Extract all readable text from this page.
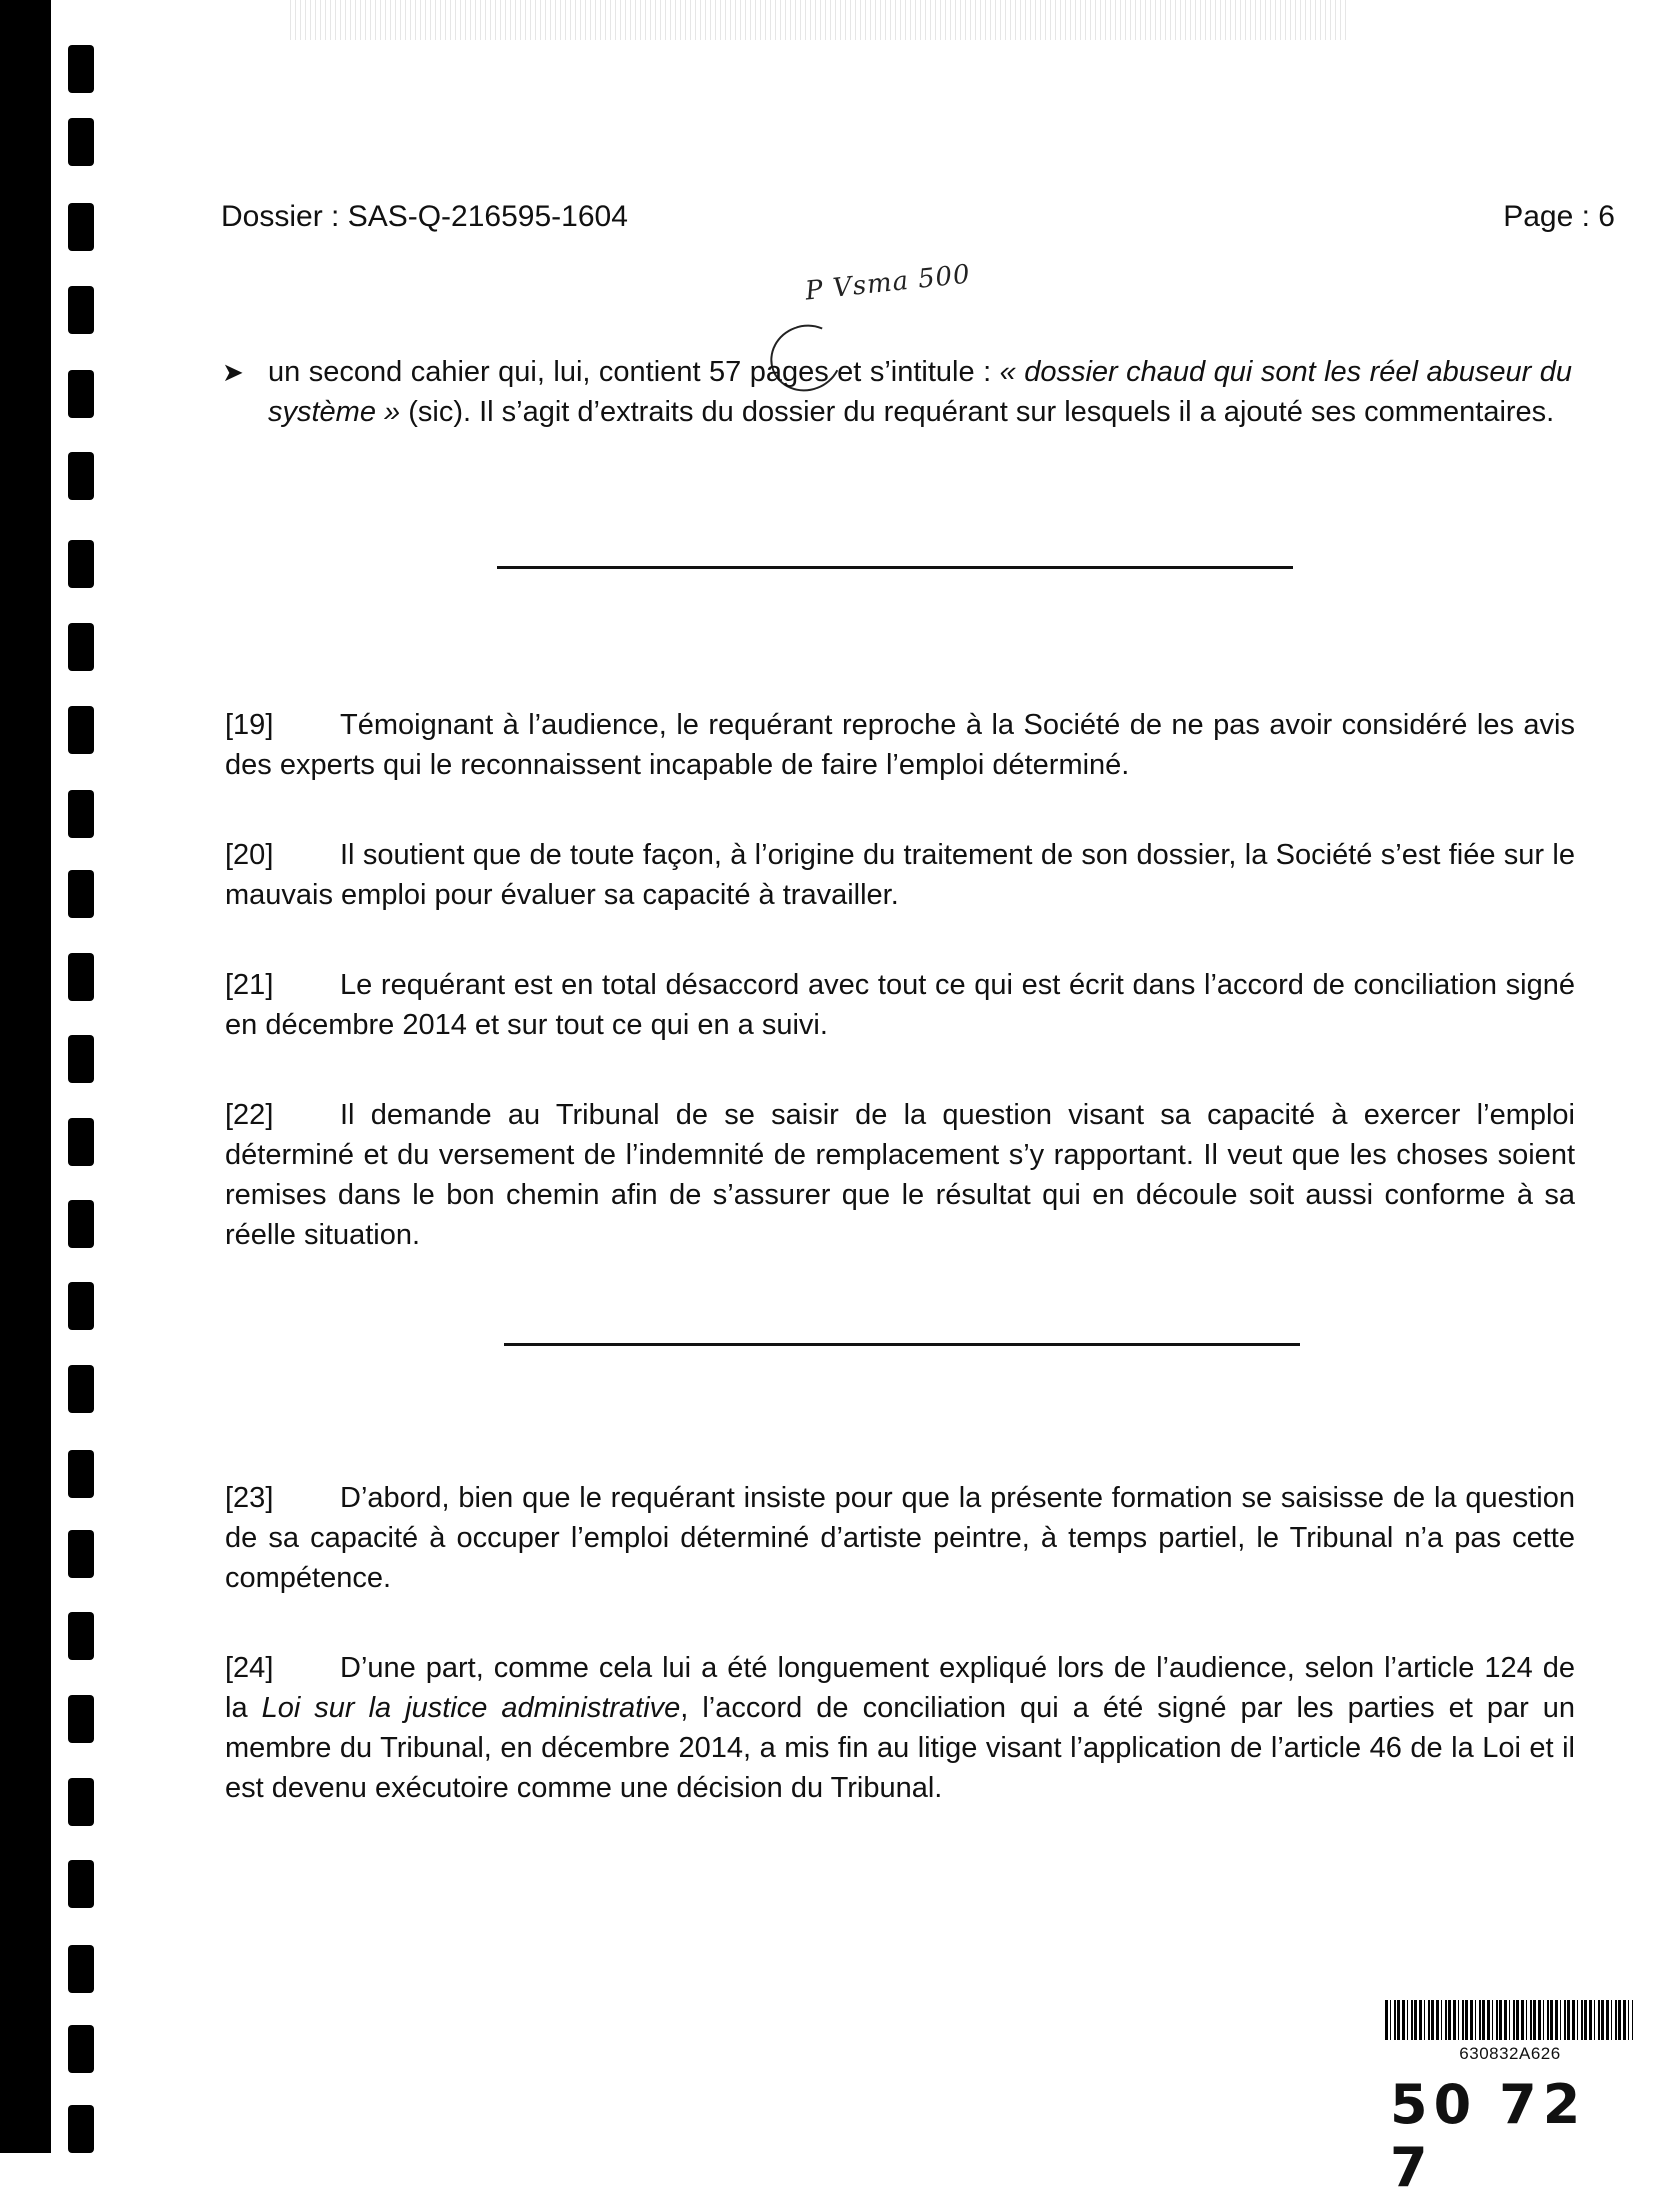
Dossier : SAS-Q-216595-1604	Page : 6
P Vsma 500
➤ un second cahier qui, lui, contient 57 pages et s’intitule : « dossier chaud qui sont les réel abuseur du système » (sic). Il s’agit d’extraits du dossier du requérant sur lesquels il a ajouté ses commentaires.
[19] Témoignant à l’audience, le requérant reproche à la Société de ne pas avoir considéré les avis des experts qui le reconnaissent incapable de faire l’emploi déterminé.
[20] Il soutient que de toute façon, à l’origine du traitement de son dossier, la Société s’est fiée sur le mauvais emploi pour évaluer sa capacité à travailler.
[21] Le requérant est en total désaccord avec tout ce qui est écrit dans l’accord de conciliation signé en décembre 2014 et sur tout ce qui en a suivi.
[22] Il demande au Tribunal de se saisir de la question visant sa capacité à exercer l’emploi déterminé et du versement de l’indemnité de remplacement s’y rapportant. Il veut que les choses soient remises dans le bon chemin afin de s’assurer que le résultat qui en découle soit aussi conforme à sa réelle situation.
[23] D’abord, bien que le requérant insiste pour que la présente formation se saisisse de la question de sa capacité à occuper l’emploi déterminé d’artiste peintre, à temps partiel, le Tribunal n’a pas cette compétence.
[24] D’une part, comme cela lui a été longuement expliqué lors de l’audience, selon l’article 124 de la Loi sur la justice administrative, l’accord de conciliation qui a été signé par les parties et par un membre du Tribunal, en décembre 2014, a mis fin au litige visant l’application de l’article 46 de la Loi et il est devenu exécutoire comme une décision du Tribunal.
630832A626
50 727
